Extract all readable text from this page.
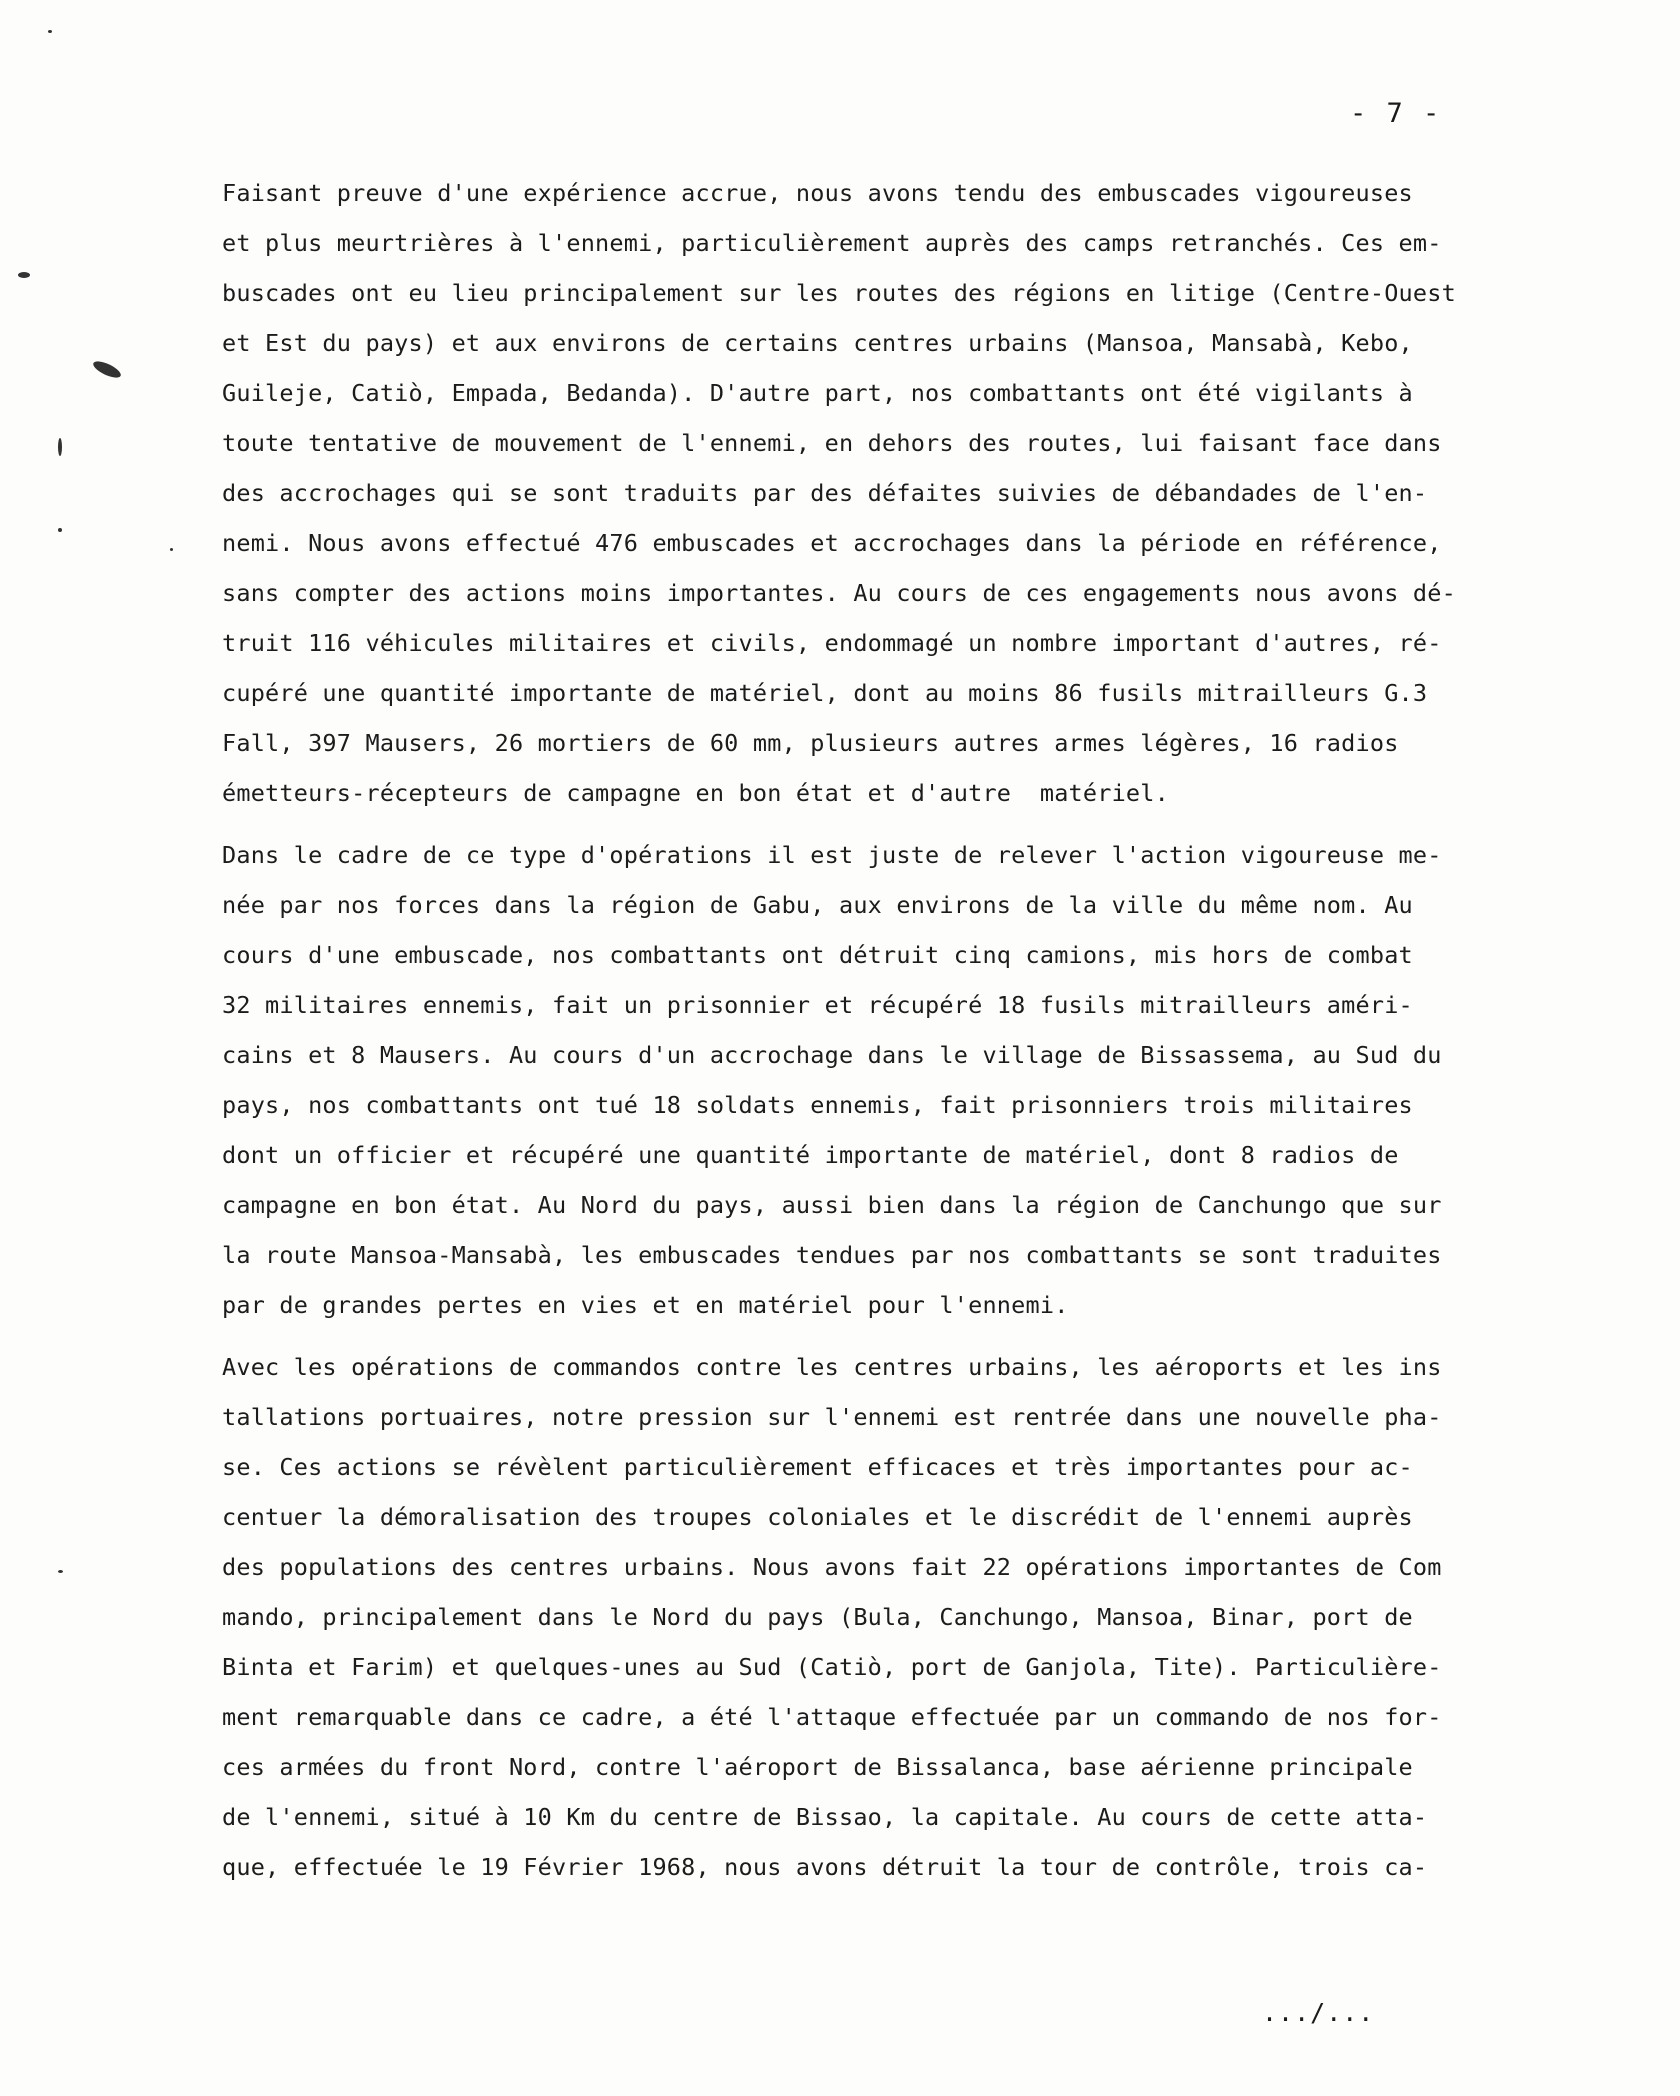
- 7 -
Faisant preuve d'une expérience accrue, nous avons tendu des embuscades vigoureuses
et plus meurtrières à l'ennemi, particulièrement auprès des camps retranchés. Ces em-
buscades ont eu lieu principalement sur les routes des régions en litige (Centre-Ouest
et Est du pays) et aux environs de certains centres urbains (Mansoa, Mansabà, Kebo,
Guileje, Catiò, Empada, Bedanda). D'autre part, nos combattants ont été vigilants à
toute tentative de mouvement de l'ennemi, en dehors des routes, lui faisant face dans
des accrochages qui se sont traduits par des défaites suivies de débandades de l'en-
nemi. Nous avons effectué 476 embuscades et accrochages dans la période en référence,
sans compter des actions moins importantes. Au cours de ces engagements nous avons dé-
truit 116 véhicules militaires et civils, endommagé un nombre important d'autres, ré-
cupéré une quantité importante de matériel, dont au moins 86 fusils mitrailleurs G.3
Fall, 397 Mausers, 26 mortiers de 60 mm, plusieurs autres armes légères, 16 radios
émetteurs-récepteurs de campagne en bon état et d'autre  matériel.
Dans le cadre de ce type d'opérations il est juste de relever l'action vigoureuse me-
née par nos forces dans la région de Gabu, aux environs de la ville du même nom. Au
cours d'une embuscade, nos combattants ont détruit cinq camions, mis hors de combat
32 militaires ennemis, fait un prisonnier et récupéré 18 fusils mitrailleurs améri-
cains et 8 Mausers. Au cours d'un accrochage dans le village de Bissassema, au Sud du
pays, nos combattants ont tué 18 soldats ennemis, fait prisonniers trois militaires
dont un officier et récupéré une quantité importante de matériel, dont 8 radios de
campagne en bon état. Au Nord du pays, aussi bien dans la région de Canchungo que sur
la route Mansoa-Mansabà, les embuscades tendues par nos combattants se sont traduites
par de grandes pertes en vies et en matériel pour l'ennemi.
Avec les opérations de commandos contre les centres urbains, les aéroports et les ins
tallations portuaires, notre pression sur l'ennemi est rentrée dans une nouvelle pha-
se. Ces actions se révèlent particulièrement efficaces et très importantes pour ac-
centuer la démoralisation des troupes coloniales et le discrédit de l'ennemi auprès
des populations des centres urbains. Nous avons fait 22 opérations importantes de Com
mando, principalement dans le Nord du pays (Bula, Canchungo, Mansoa, Binar, port de
Binta et Farim) et quelques-unes au Sud (Catiò, port de Ganjola, Tite). Particulière-
ment remarquable dans ce cadre, a été l'attaque effectuée par un commando de nos for-
ces armées du front Nord, contre l'aéroport de Bissalanca, base aérienne principale
de l'ennemi, situé à 10 Km du centre de Bissao, la capitale. Au cours de cette atta-
que, effectuée le 19 Février 1968, nous avons détruit la tour de contrôle, trois ca-
.../...
